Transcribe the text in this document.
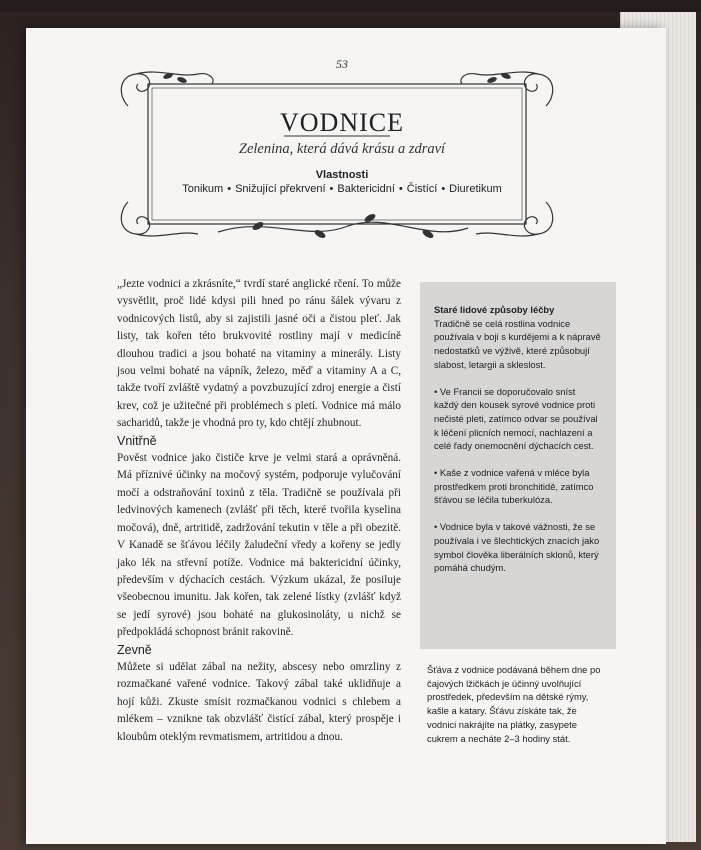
53
VODNICE
Zelenina, která dává krásu a zdraví
Vlastnosti
Tonikum • Snižující překrvení • Baktericidní • Čistící • Diuretikum

„Jezte vodnici a zkrásníte,“ tvrdí staré anglické rčení. To může vysvětlit, proč lidé kdysi pili hned po ránu šálek vývaru z vodnicových listů, aby si zajistili jasné oči a čistou pleť. Jak listy, tak kořen této brukvovité rostliny mají v medicíně dlouhou tradici a jsou bohaté na vitaminy a minerály. Listy jsou velmi bohaté na vápník, železo, měď a vitaminy A a C, takže tvoří zvláště vydatný a povzbuzující zdroj energie a čistí krev, což je užitečné při problémech s pletí. Vodnice má málo sacharidů, takže je vhodná pro ty, kdo chtějí zhubnout.

Vnitřně

Pověst vodnice jako čističe krve je velmi stará a oprávněná. Má příznivé účinky na močový systém, podporuje vylučování močí a odstraňování toxinů z těla. Tradičně se používala při ledvinových kamenech (zvlášť při těch, které tvořila kyselina močová), dně, artritidě, zadržování tekutin v těle a při obezitě. V Kanadě se šťávou léčily žaludeční vředy a kořeny se jedly jako lék na střevní potíže. Vodnice má baktericidní účinky, především v dýchacích cestách. Výzkum ukázal, že posiluje všeobecnou imunitu. Jak kořen, tak zelené lístky (zvlášť když se jedí syrové) jsou bohaté na glukosinoláty, u nichž se předpokládá schopnost bránit rakovině.

Zevně

Můžete si udělat zábal na nežity, abscesy nebo omrzliny z rozmačkané vařené vodnice. Takový zábal také uklidňuje a hojí kůži. Zkuste smísit rozmačkanou vodnici s chlebem a mlékem – vznikne tak obzvlášť čistící zábal, který prospěje i kloubům oteklým revmatismem, artritidou a dnou.

Staré lidové způsoby léčby

Tradičně se celá rostlina vodnice používala v boji s kurdějemi a k nápravě nedostatků ve výživě, které způsobují slabost, letargii a skleslost.

• Ve Francii se doporučovalo sníst každý den kousek syrové vodnice proti nečisté pleti, zatímco odvar se používal k léčení plicních nemocí, nachlazení a celé řady onemocnění dýchacích cest.

• Kaše z vodnice vařená v mléce byla prostředkem proti bronchitidě, zatímco šťávou se léčila tuberkulóza.

• Vodnice byla v takové vážnosti, že se používala i ve šlechtických znacích jako symbol člověka liberálních sklonů, který pomáhá chudým.

Šťáva z vodnice podávaná během dne po čajových lžičkách je účinný uvolňující prostředek, především na dětské rýmy, kašle a katary. Šťávu získáte tak, že vodnici nakrájíte na plátky, zasypete cukrem a necháte 2–3 hodiny stát.
